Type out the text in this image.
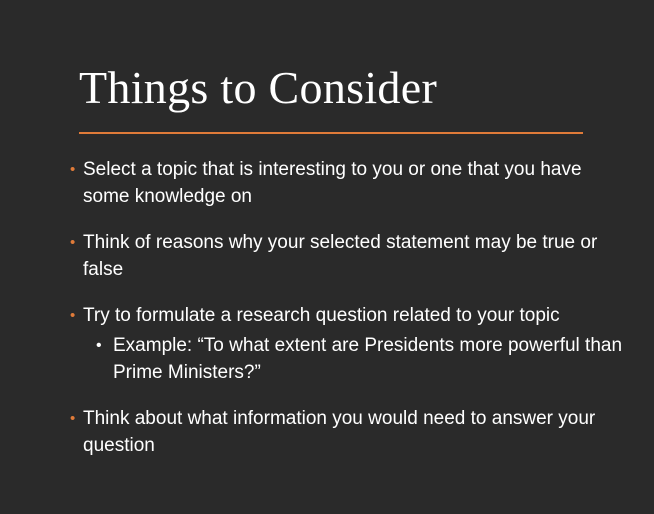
Things to Consider
• Select a topic that is interesting to you or one that you have some knowledge on
• Think of reasons why your selected statement may be true or false
• Try to formulate a research question related to your topic
• Example: “To what extent are Presidents more powerful than Prime Ministers?”
• Think about what information you would need to answer your question
